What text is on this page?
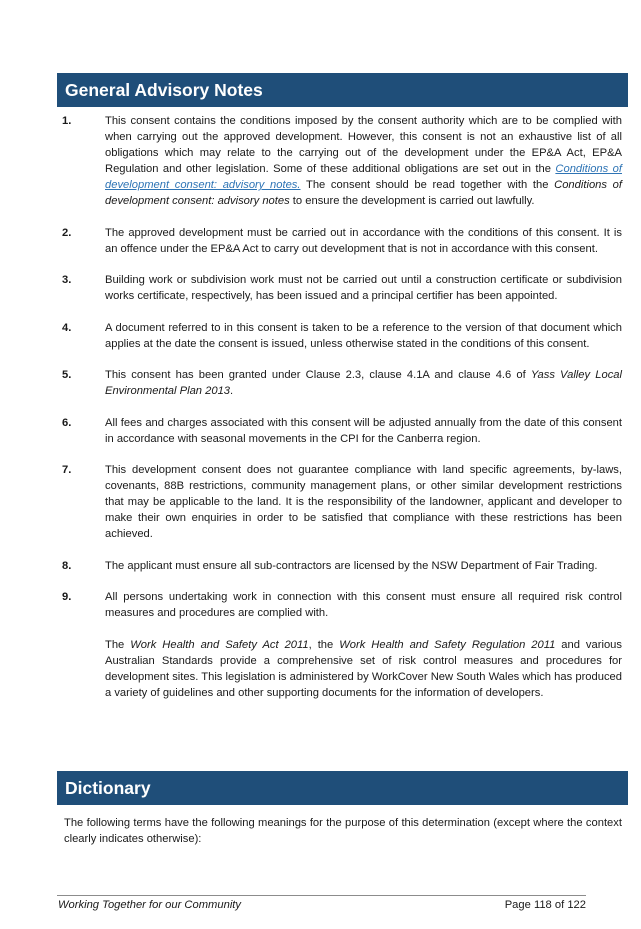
General Advisory Notes
1.	This consent contains the conditions imposed by the consent authority which are to be complied with when carrying out the approved development. However, this consent is not an exhaustive list of all obligations which may relate to the carrying out of the development under the EP&A Act, EP&A Regulation and other legislation. Some of these additional obligations are set out in the Conditions of development consent: advisory notes. The consent should be read together with the Conditions of development consent: advisory notes to ensure the development is carried out lawfully.

2.	The approved development must be carried out in accordance with the conditions of this consent. It is an offence under the EP&A Act to carry out development that is not in accordance with this consent.

3.	Building work or subdivision work must not be carried out until a construction certificate or subdivision works certificate, respectively, has been issued and a principal certifier has been appointed.

4.	A document referred to in this consent is taken to be a reference to the version of that document which applies at the date the consent is issued, unless otherwise stated in the conditions of this consent.

5.	This consent has been granted under Clause 2.3, clause 4.1A and clause 4.6 of Yass Valley Local Environmental Plan 2013.

6.	All fees and charges associated with this consent will be adjusted annually from the date of this consent in accordance with seasonal movements in the CPI for the Canberra region.

7.	This development consent does not guarantee compliance with land specific agreements, by-laws, covenants, 88B restrictions, community management plans, or other similar development restrictions that may be applicable to the land. It is the responsibility of the landowner, applicant and developer to make their own enquiries in order to be satisfied that compliance with these restrictions has been achieved.

8.	The applicant must ensure all sub-contractors are licensed by the NSW Department of Fair Trading.

9.	All persons undertaking work in connection with this consent must ensure all required risk control measures and procedures are complied with.

The Work Health and Safety Act 2011, the Work Health and Safety Regulation 2011 and various Australian Standards provide a comprehensive set of risk control measures and procedures for development sites. This legislation is administered by WorkCover New South Wales which has produced a variety of guidelines and other supporting documents for the information of developers.

Dictionary
The following terms have the following meanings for the purpose of this determination (except where the context clearly indicates otherwise):
Working Together for our Community	Page 118 of 122
